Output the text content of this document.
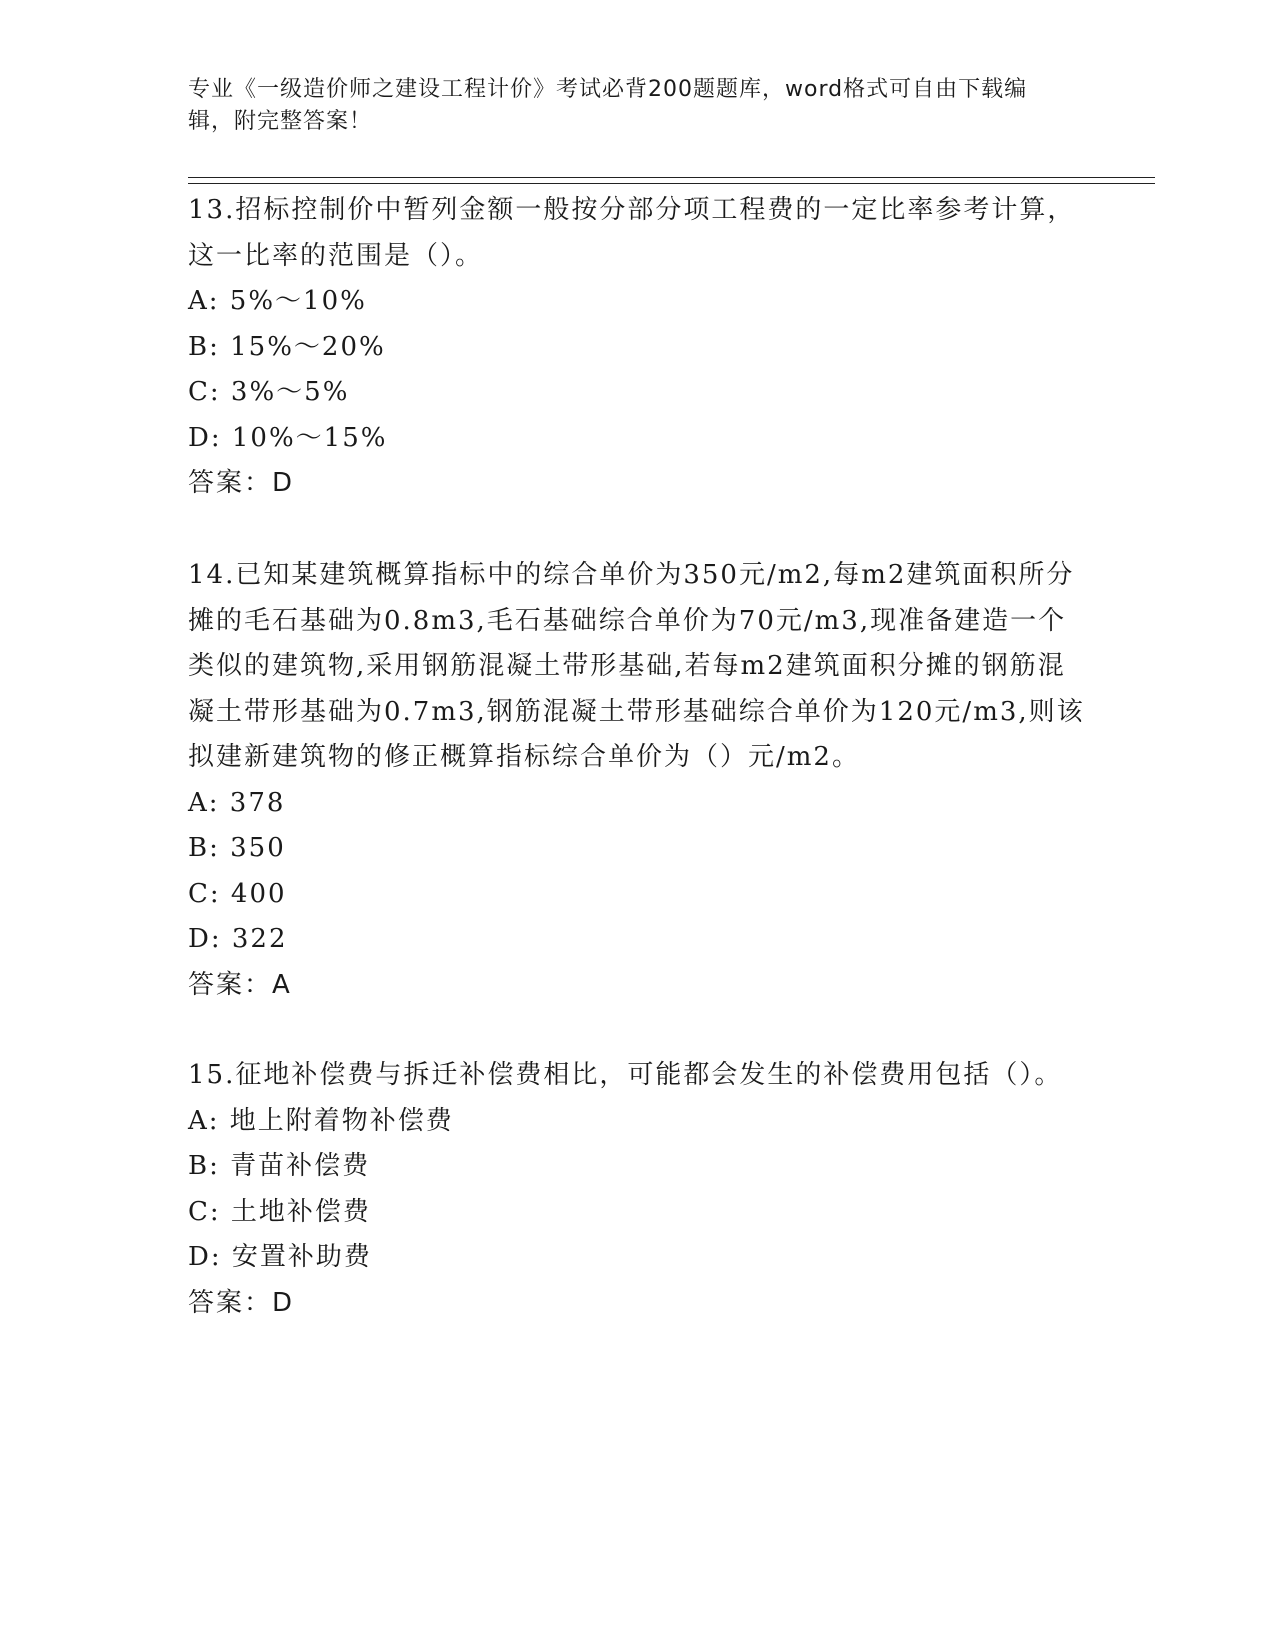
专业《一级造价师之建设工程计价》考试必背200题题库，word格式可自由下载编辑，附完整答案！

13.招标控制价中暂列金额一般按分部分项工程费的一定比率参考计算，这一比率的范围是（）。

A: 5%～10%

B: 15%～20%

C: 3%～5%

D: 10%～15%

答案：D

14.已知某建筑概算指标中的综合单价为350元/m2,每m2建筑面积所分摊的毛石基础为0.8m3,毛石基础综合单价为70元/m3,现准备建造一个类似的建筑物,采用钢筋混凝土带形基础,若每m2建筑面积分摊的钢筋混凝土带形基础为0.7m3,钢筋混凝土带形基础综合单价为120元/m3,则该拟建新建筑物的修正概算指标综合单价为（）元/m2。

A: 378

B: 350

C: 400

D: 322

答案：A

15.征地补偿费与拆迁补偿费相比，可能都会发生的补偿费用包括（）。

A: 地上附着物补偿费

B: 青苗补偿费

C: 土地补偿费

D: 安置补助费

答案：D
